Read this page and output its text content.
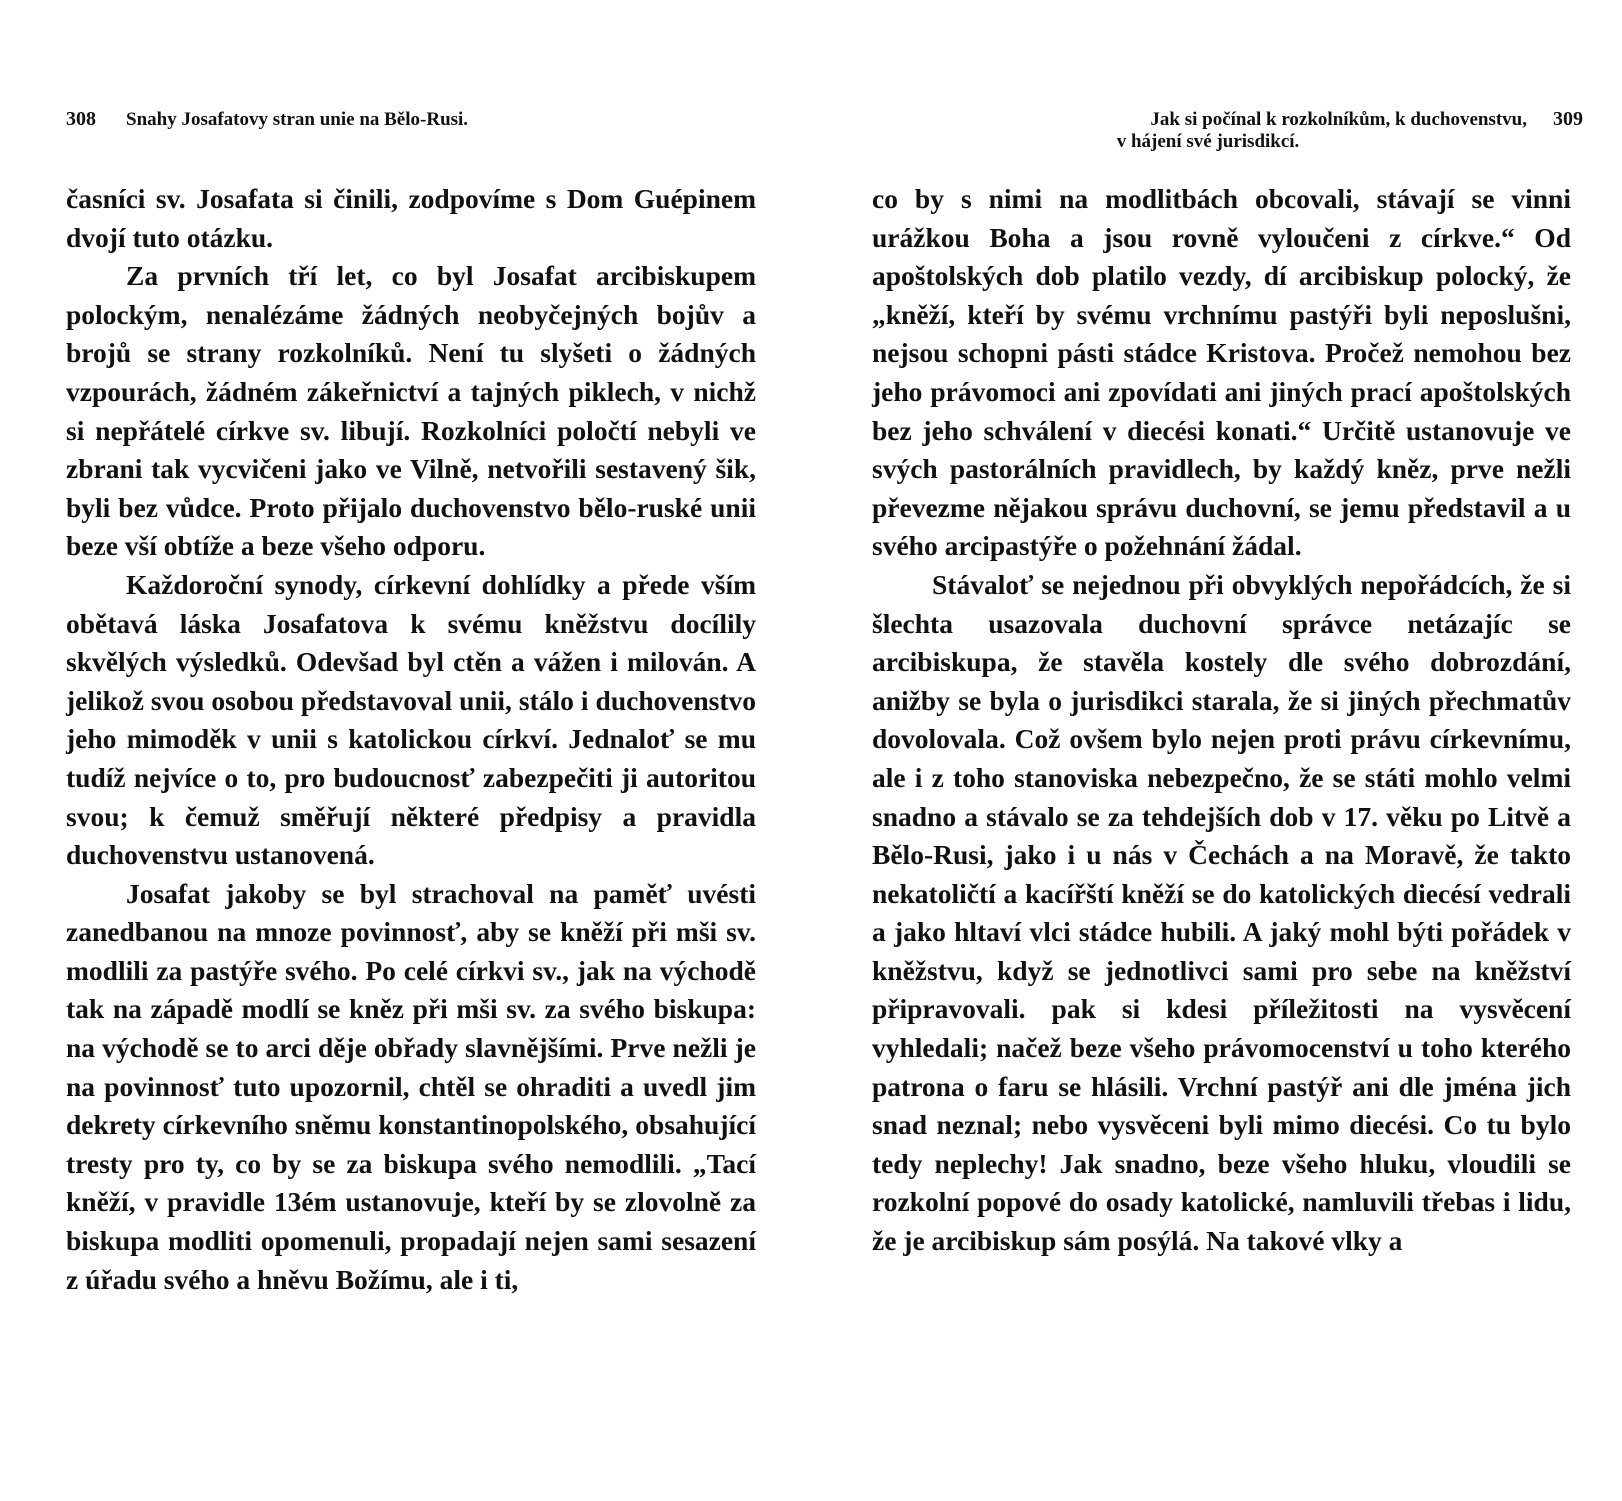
308 Snahy Josafatovy stran unie na Bělo-Rusi.

časníci sv. Josafata si činili, zodpovíme s Dom Guépinem dvojí tuto otázku.

Za prvních tří let, co byl Josafat arcibiskupem polockým, nenalézáme žádných neobyčejných bojův a brojů se strany rozkolníků. Není tu slyšeti o žádných vzpourách, žádném zákeřnictví a tajných piklech, v nichž si nepřátelé církve sv. libují. Rozkolníci poločtí nebyli ve zbrani tak vycvičeni jako ve Vilně, netvořili sestavený šik, byli bez vůdce. Proto přijalo duchovenstvo bělo-ruské unii beze vší obtíže a beze všeho odporu.

Každoroční synody, církevní dohlídky a přede vším obětavá láska Josafatova k svému kněžstvu docílily skvělých výsledků. Odevšad byl ctěn a vážen i milován. A jelikož svou osobou představoval unii, stálo i duchovenstvo jeho mimoděk v unii s katolickou církví. Jednaloť se mu tudíž nejvíce o to, pro budoucnosť zabezpečiti ji autoritou svou; k čemuž směřují některé předpisy a pravidla duchovenstvu ustanovená.

Josafat jakoby se byl strachoval na paměť uvésti zanedbanou na mnoze povinnosť, aby se kněží při mši sv. modlili za pastýře svého. Po celé církvi sv., jak na východě tak na západě modlí se kněz při mši sv. za svého biskupa: na východě se to arci děje obřady slavnějšími. Prve nežli je na povinnosť tuto upozornil, chtěl se ohraditi a uvedl jim dekrety církevního sněmu konstantinopolského, obsahující tresty pro ty, co by se za biskupa svého nemodlili. „Tací kněží, v pravidle 13ém ustanovuje, kteří by se zlovolně za biskupa modliti opomenuli, propadají nejen sami sesazení z úřadu svého a hněvu Božímu, ale i ti,

Jak si počínal k rozkolníkům, k duchovenstvu, 309
v hájení své jurisdikcí.

co by s nimi na modlitbách obcovali, stávají se vinni urážkou Boha a jsou rovně vyloučeni z církve.“ Od apoštolských dob platilo vezdy, dí arcibiskup polocký, že „kněží, kteří by svému vrchnímu pastýři byli neposlušni, nejsou schopni pásti stádce Kristova. Pročež nemohou bez jeho právomoci ani zpovídati ani jiných prací apoštolských bez jeho schválení v diecési konati.“ Určitě ustanovuje ve svých pastorálních pravidlech, by každý kněz, prve nežli převezme nějakou správu duchovní, se jemu představil a u svého arcipastýře o požehnání žádal.

Stávaloť se nejednou při obvyklých nepořádcích, že si šlechta usazovala duchovní správce netázajíc se arcibiskupa, že stavěla kostely dle svého dobrozdání, anižby se byla o jurisdikci starala, že si jiných přechmatův dovolovala. Což ovšem bylo nejen proti právu církevnímu, ale i z toho stanoviska nebezpečno, že se státi mohlo velmi snadno a stávalo se za tehdejších dob v 17. věku po Litvě a Bělo-Rusi, jako i u nás v Čechách a na Moravě, že takto nekatoličtí a kacířští kněží se do katolických diecésí vedrali a jako hltaví vlci stádce hubili. A jaký mohl býti pořádek v kněžstvu, když se jednotlivci sami pro sebe na kněžství připravovali. pak si kdesi příležitosti na vysvěcení vyhledali; načež beze všeho právomocenství u toho kterého patrona o faru se hlásili. Vrchní pastýř ani dle jména jich snad neznal; nebo vysvěceni byli mimo diecési. Co tu bylo tedy neplechy! Jak snadno, beze všeho hluku, vloudili se rozkolní popové do osady katolické, namluvili třebas i lidu, že je arcibiskup sám posýlá. Na takové vlky a
